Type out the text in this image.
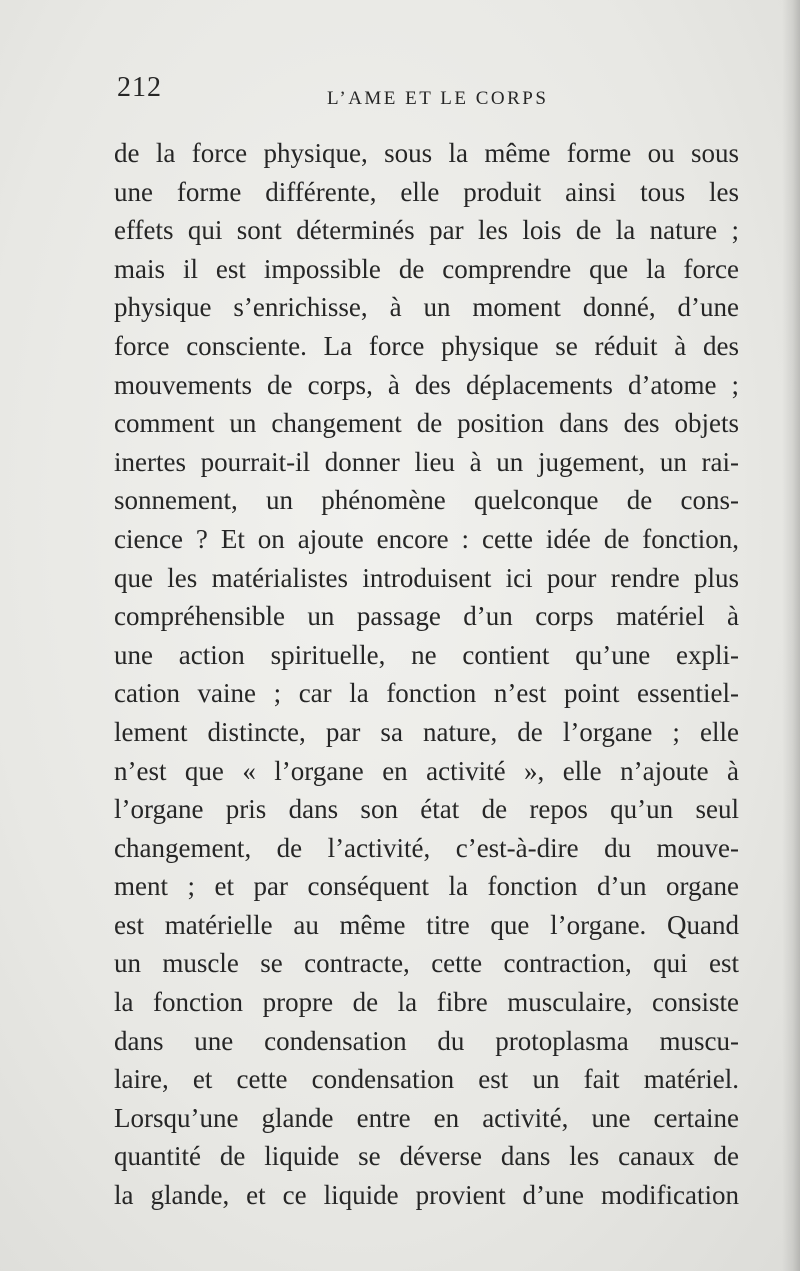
212	L’AME ET LE CORPS
de la force physique, sous la même forme ou sous
une forme différente, elle produit ainsi tous les
effets qui sont déterminés par les lois de la nature ;
mais il est impossible de comprendre que la force
physique s’enrichisse, à un moment donné, d’une
force consciente. La force physique se réduit à des
mouvements de corps, à des déplacements d’atome ;
comment un changement de position dans des objets
inertes pourrait-il donner lieu à un jugement, un rai-
sonnement, un phénomène quelconque de cons-
cience ? Et on ajoute encore : cette idée de fonction,
que les matérialistes introduisent ici pour rendre plus
compréhensible un passage d’un corps matériel à
une action spirituelle, ne contient qu’une expli-
cation vaine ; car la fonction n’est point essentiel-
lement distincte, par sa nature, de l’organe ; elle
n’est que « l’organe en activité », elle n’ajoute à
l’organe pris dans son état de repos qu’un seul
changement, de l’activité, c’est-à-dire du mouve-
ment ; et par conséquent la fonction d’un organe
est matérielle au même titre que l’organe. Quand
un muscle se contracte, cette contraction, qui est
la fonction propre de la fibre musculaire, consiste
dans une condensation du protoplasma muscu-
laire, et cette condensation est un fait matériel.
Lorsqu’une glande entre en activité, une certaine
quantité de liquide se déverse dans les canaux de
la glande, et ce liquide provient d’une modification
